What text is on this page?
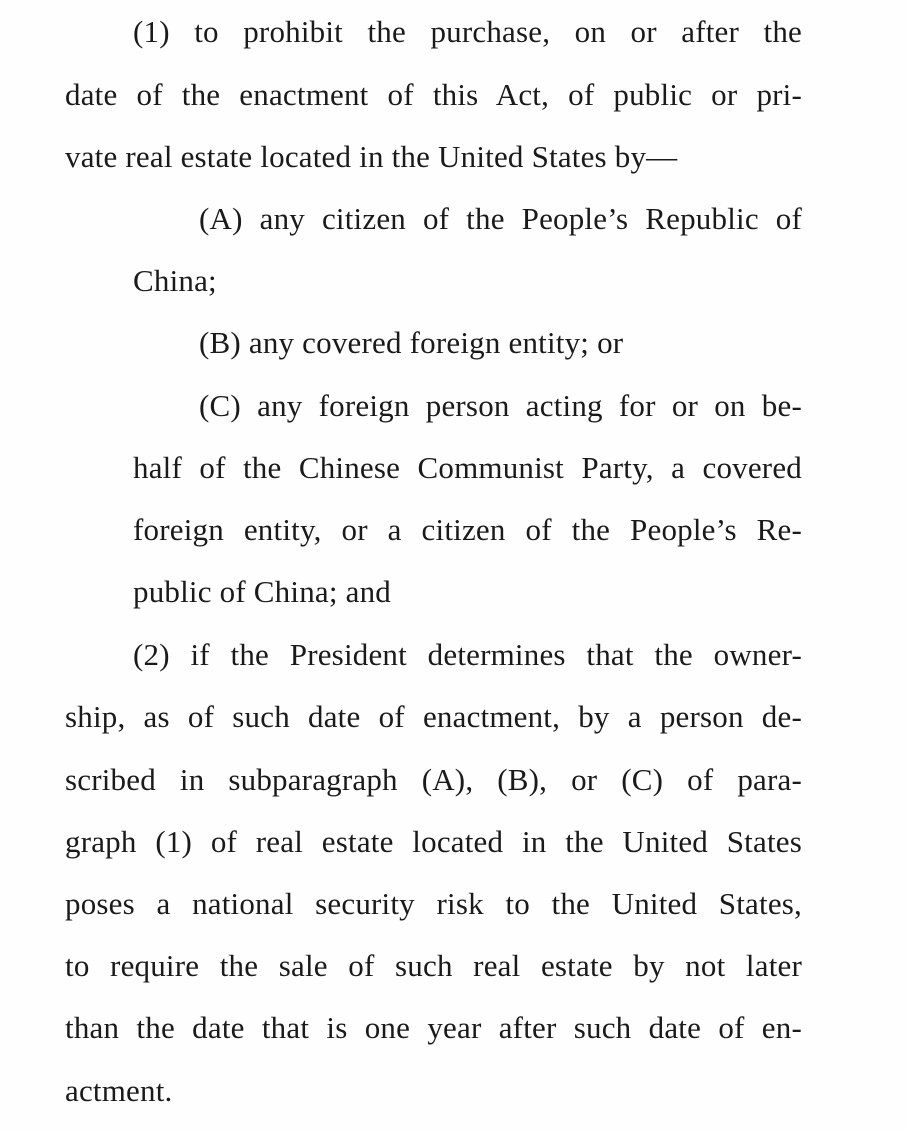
(1) to prohibit the purchase, on or after the
date of the enactment of this Act, of public or pri-
vate real estate located in the United States by—
(A) any citizen of the People’s Republic of
China;
(B) any covered foreign entity; or
(C) any foreign person acting for or on be-
half of the Chinese Communist Party, a covered
foreign entity, or a citizen of the People’s Re-
public of China; and
(2) if the President determines that the owner-
ship, as of such date of enactment, by a person de-
scribed in subparagraph (A), (B), or (C) of para-
graph (1) of real estate located in the United States
poses a national security risk to the United States,
to require the sale of such real estate by not later
than the date that is one year after such date of en-
actment.
